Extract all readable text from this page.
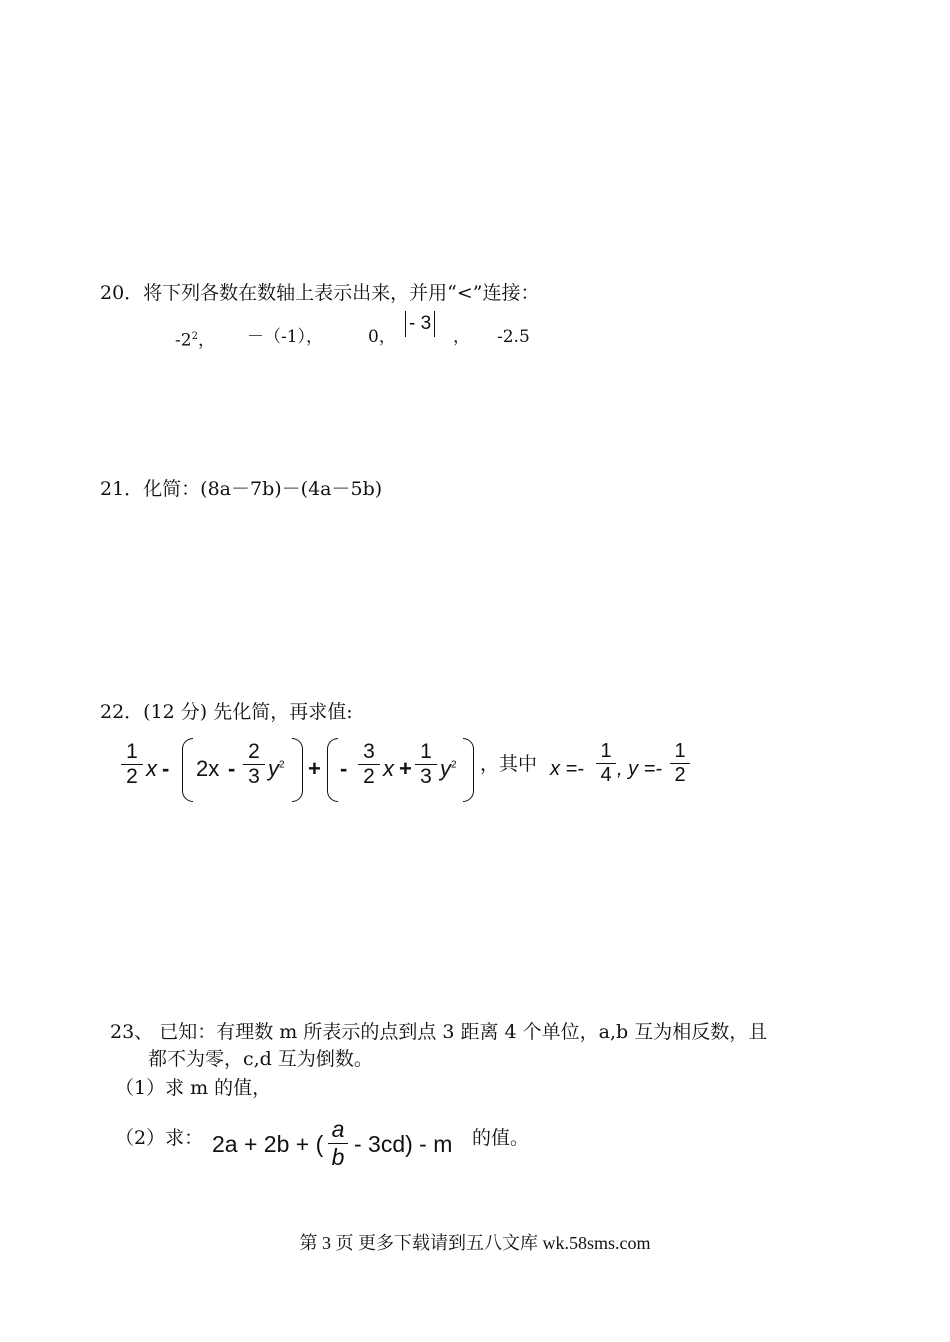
20．将下列各数在数轴上表示出来，并用“<”连接：
$-2^2$， －（-1），	0，
- 3
， -2.5
21．化简：(8a－7b)－(4a－5b)
22．(12 分) 先化简，再求值:
1
2 x - 2x -
2
3 $y^2$ + -
3
2 x +
1
3 $y^2$ ，其中 x =-
1
4 , y =-
1
2
23、 已知：有理数 m 所表示的点到点 3 距离 4 个单位，a,b 互为相反数，且
都不为零，c,d 互为倒数。
（1）求 m 的值，
（2）求： 2a + 2b + (
a
b - 3cd) - m 的值。
第 3 页 更多下载请到五八文库 wk.58sms.com
